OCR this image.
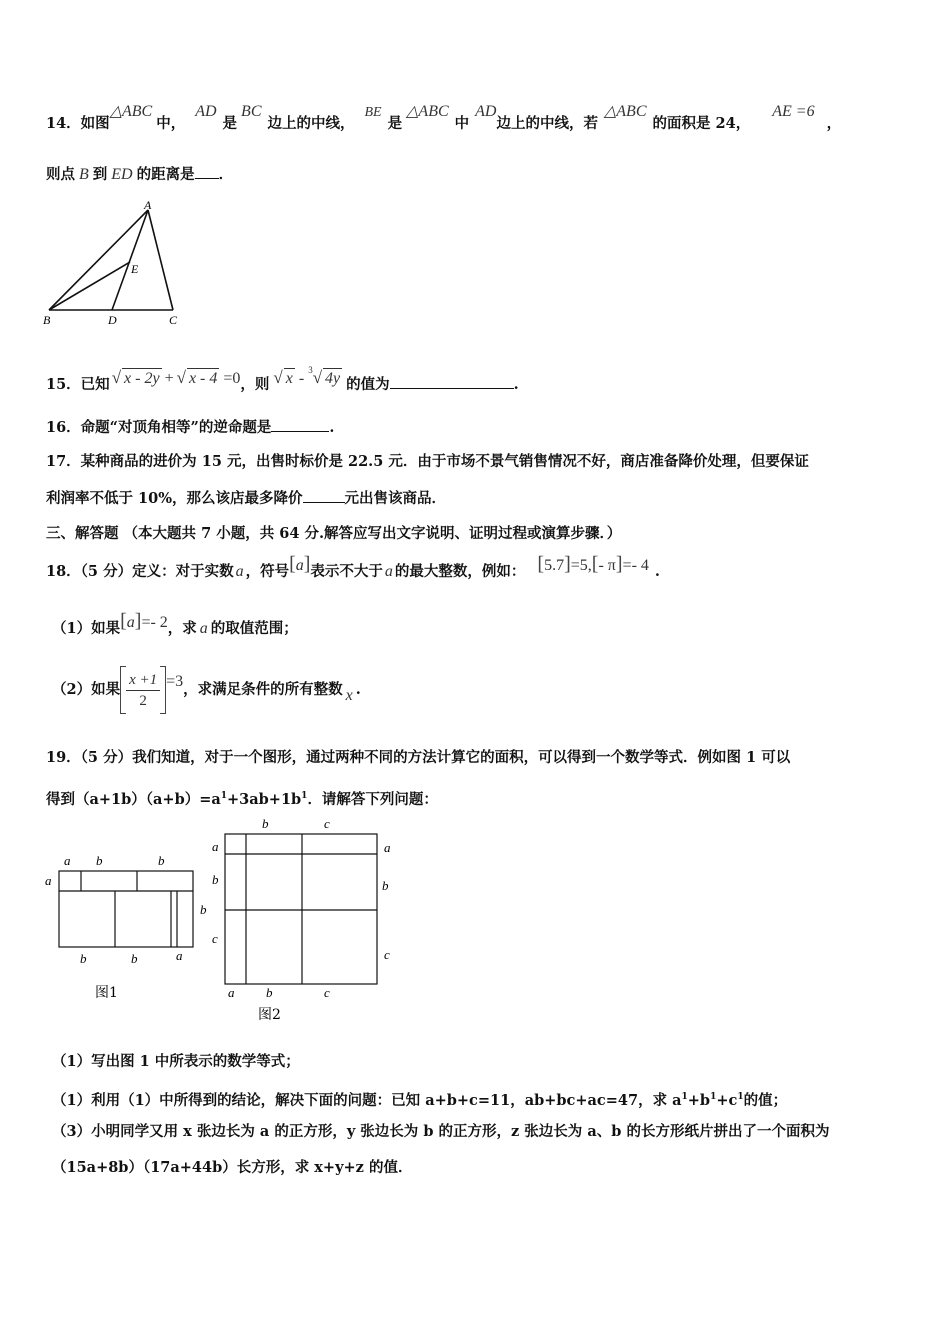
14．如图△ABC中，AD是BC边上的中线，BE是△ABC中AD边上的中线，若△ABC的面积是 24，AE =6，
则点 B 到 ED 的距离是 ．
A
B	C
D
E
15．已知 √ x - 2y + √ x - 4 =0，则 √ x - $^3$√ 4y 的值为	.
16．命题“对顶角相等”的逆命题是	.
17．某种商品的进价为 15 元，出售时标价是 22.5 元．由于市场不景气销售情况不好，商店准备降价处理，但要保证
利润率不低于 10%，那么该店最多降价	元出售该商品．
三、解答题 （本大题共 7 小题，共 64 分.解答应写出文字说明、证明过程或演算步骤．）
18．（5 分）定义：对于实数 a ，符号[a]表示不大于 a 的最大整数，例如： [5.7]=5,[- π]=- 4 .
（1）如果[a]=- 2，求 a 的取值范围；
（2）如果 $\frac{x +1}{2} =3$，求满足条件的所有整数 x .
19．（5 分）我们知道，对于一个图形，通过两种不同的方法计算它的面积，可以得到一个数学等式．例如图 1 可以
得到$(a+1b)(a+b)=a^1+3ab+1b^1$．请解答下列问题：
a b	b
a
b
b	b	a
图1
b	c
a
b
c
a
b
c
a b	c
图2
（1）写出图 1 中所表示的数学等式；
（1）利用（1）中所得到的结论，解决下面的问题：已知 a+b+c=11，ab+bc+ac=47，求 $a^1+b^1+c^1$的值；
（3）小明同学又用 x 张边长为 a 的正方形，y 张边长为 b 的正方形，z 张边长为 a、b 的长方形纸片拼出了一个面积为
（15a+8b）（17a+44b）长方形，求 x+y+z 的值．
